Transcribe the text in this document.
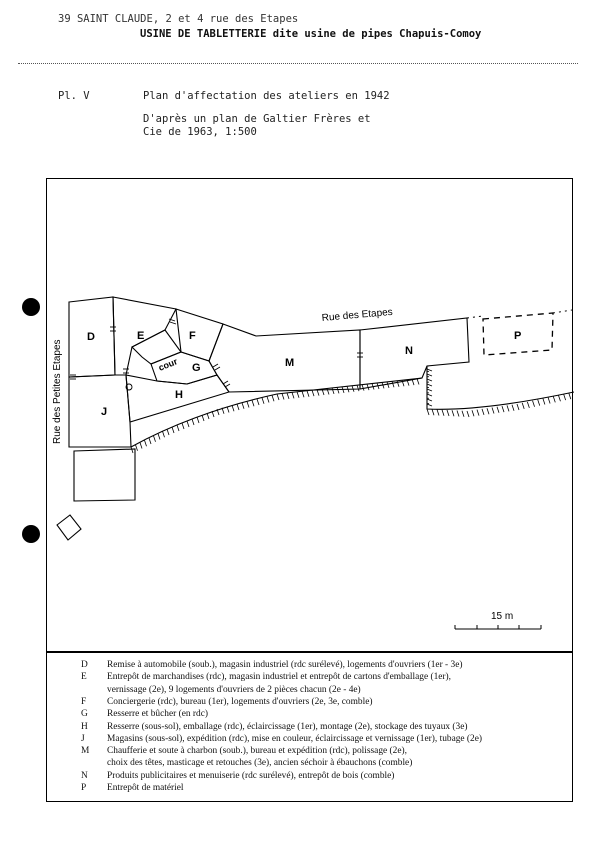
39 SAINT CLAUDE, 2 et 4 rue des Etapes
USINE DE TABLETTERIE dite usine de pipes Chapuis-Comoy
Pl. V	Plan d'affectation des ateliers en 1942
D'après un plan de Galtier Frères et
Cie de 1963, 1:500
D	E	F
G
H
J
M
N
P
cour
Rue des Etapes
Rue des Petites Etapes
15 m
D Remise à automobile (soub.), magasin industriel (rdc surélevé), logements d'ouvriers (1er - 3e)
E Entrepôt de marchandises (rdc), magasin industriel et entrepôt de cartons d'emballage (1er),
vernissage (2e), 9 logements d'ouvriers de 2 pièces chacun (2e - 4e)
F Conciergerie (rdc), bureau (1er), logements d'ouvriers (2e, 3e, comble)
G Resserre et bûcher (en rdc)
H Resserre (sous-sol), emballage (rdc), éclaircissage (1er), montage (2e), stockage des tuyaux (3e)
J Magasins (sous-sol), expédition (rdc), mise en couleur, éclaircissage et vernissage (1er), tubage (2e)
M Chaufferie et soute à charbon (soub.), bureau et expédition (rdc), polissage (2e),
choix des têtes, masticage et retouches (3e), ancien séchoir à ébauchons (comble)
N Produits publicitaires et menuiserie (rdc surélevé), entrepôt de bois (comble)
P Entrepôt de matériel
